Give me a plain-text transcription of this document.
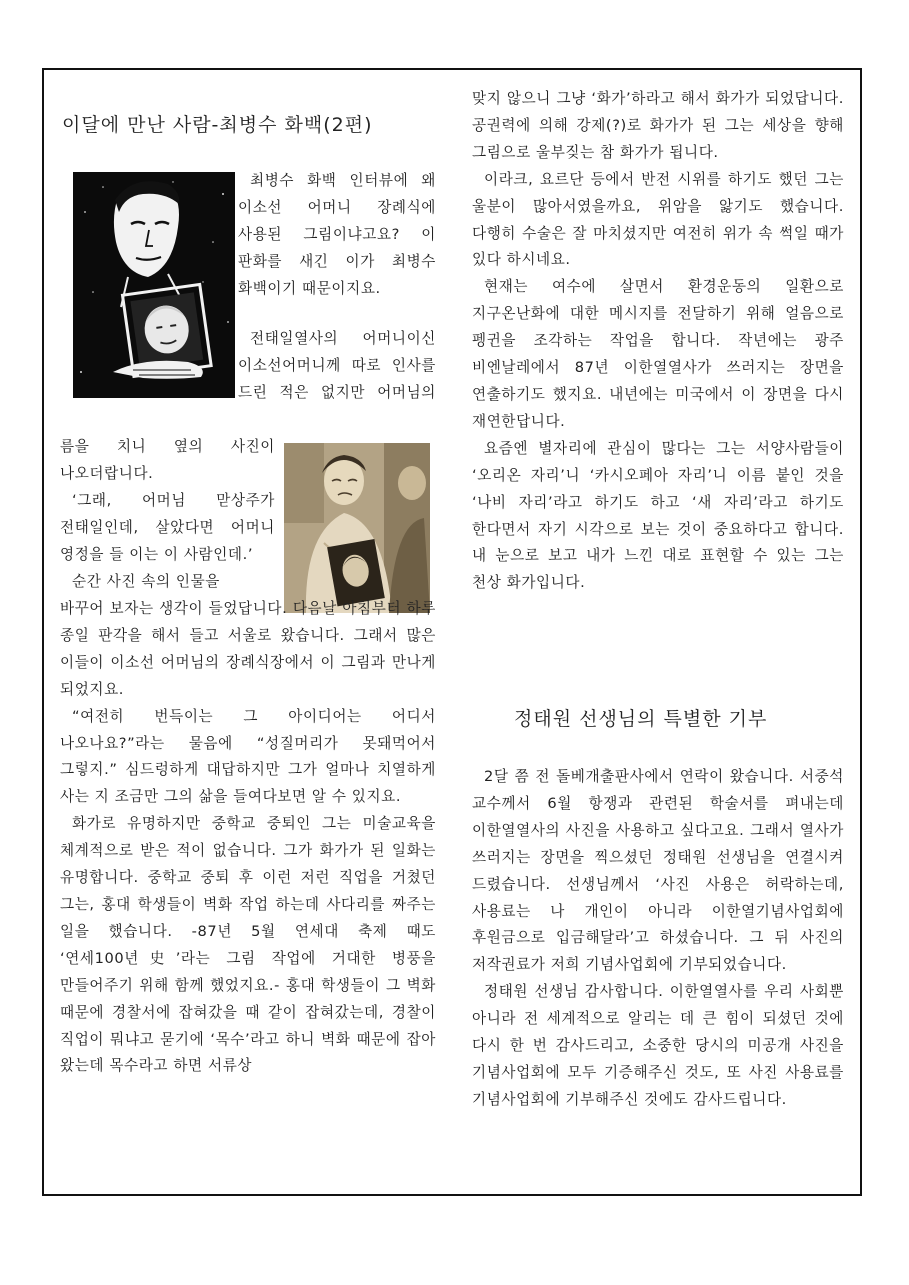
이달에 만난 사람-최병수 화백(2편)

최병수 화백 인터뷰에 왜 이소선 어머니 장례식에 사용된 그림이냐고요? 이 판화를 새긴 이가 최병수 화백이기 때문이지요.

전태일열사의 어머니이신 이소선어머니께 따로 인사를 드린 적은 없지만 어머님의

름을 치니 옆의 사진이 나오더랍니다.

‘그래, 어머님 맏상주가 전태일인데, 살았다면 어머니 영정을 들 이는 이 사람인데.’

순간 사진 속의 인물을

바꾸어 보자는 생각이 들었답니다. 다음날 아침부터 하루 종일 판각을 해서 들고 서울로 왔습니다. 그래서 많은 이들이 이소선 어머님의 장례식장에서 이 그림과 만나게 되었지요.

“여전히 번득이는 그 아이디어는 어디서 나오나요?”라는 물음에 “성질머리가 못돼먹어서 그렇지.” 심드렁하게 대답하지만 그가 얼마나 치열하게 사는 지 조금만 그의 삶을 들여다보면 알 수 있지요.

화가로 유명하지만 중학교 중퇴인 그는 미술교육을 체계적으로 받은 적이 없습니다. 그가 화가가 된 일화는 유명합니다. 중학교 중퇴 후 이런 저런 직업을 거쳤던 그는, 홍대 학생들이 벽화 작업 하는데 사다리를 짜주는 일을 했습니다. -87년 5월 연세대 축제 때도 ‘연세100년史’라는 그림 작업에 거대한 병풍을 만들어주기 위해 함께 했었지요.- 홍대 학생들이 그 벽화 때문에 경찰서에 잡혀갔을 때 같이 잡혀갔는데, 경찰이 직업이 뭐냐고 묻기에 ‘목수’라고 하니 벽화 때문에 잡아 왔는데 목수라고 하면 서류상

맞지 않으니 그냥 ‘화가’하라고 해서 화가가 되었답니다. 공권력에 의해 강제(?)로 화가가 된 그는 세상을 향해 그림으로 울부짖는 참 화가가 됩니다.

이라크, 요르단 등에서 반전 시위를 하기도 했던 그는 울분이 많아서였을까요, 위암을 앓기도 했습니다. 다행히 수술은 잘 마치셨지만 여전히 위가 속 썩일 때가 있다 하시네요.

현재는 여수에 살면서 환경운동의 일환으로 지구온난화에 대한 메시지를 전달하기 위해 얼음으로 펭귄을 조각하는 작업을 합니다. 작년에는 광주 비엔날레에서 87년 이한열열사가 쓰러지는 장면을 연출하기도 했지요. 내년에는 미국에서 이 장면을 다시 재연한답니다.

요즘엔 별자리에 관심이 많다는 그는 서양사람들이 ‘오리온 자리’니 ‘카시오페아 자리’니 이름 붙인 것을 ‘나비 자리’라고 하기도 하고 ‘새 자리’라고 하기도 한다면서 자기 시각으로 보는 것이 중요하다고 합니다. 내 눈으로 보고 내가 느낀 대로 표현할 수 있는 그는 천상 화가입니다.

정태원 선생님의 특별한 기부

2달 쯤 전 돌베개출판사에서 연락이 왔습니다. 서중석 교수께서 6월 항쟁과 관련된 학술서를 펴내는데 이한열열사의 사진을 사용하고 싶다고요. 그래서 열사가 쓰러지는 장면을 찍으셨던 정태원 선생님을 연결시켜 드렸습니다. 선생님께서 ‘사진 사용은 허락하는데, 사용료는 나 개인이 아니라 이한열기념사업회에 후원금으로 입금해달라’고 하셨습니다. 그 뒤 사진의 저작권료가 저희 기념사업회에 기부되었습니다.

정태원 선생님 감사합니다. 이한열열사를 우리 사회뿐 아니라 전 세계적으로 알리는 데 큰 힘이 되셨던 것에 다시 한 번 감사드리고, 소중한 당시의 미공개 사진을 기념사업회에 모두 기증해주신 것도, 또 사진 사용료를 기념사업회에 기부해주신 것에도 감사드립니다.
